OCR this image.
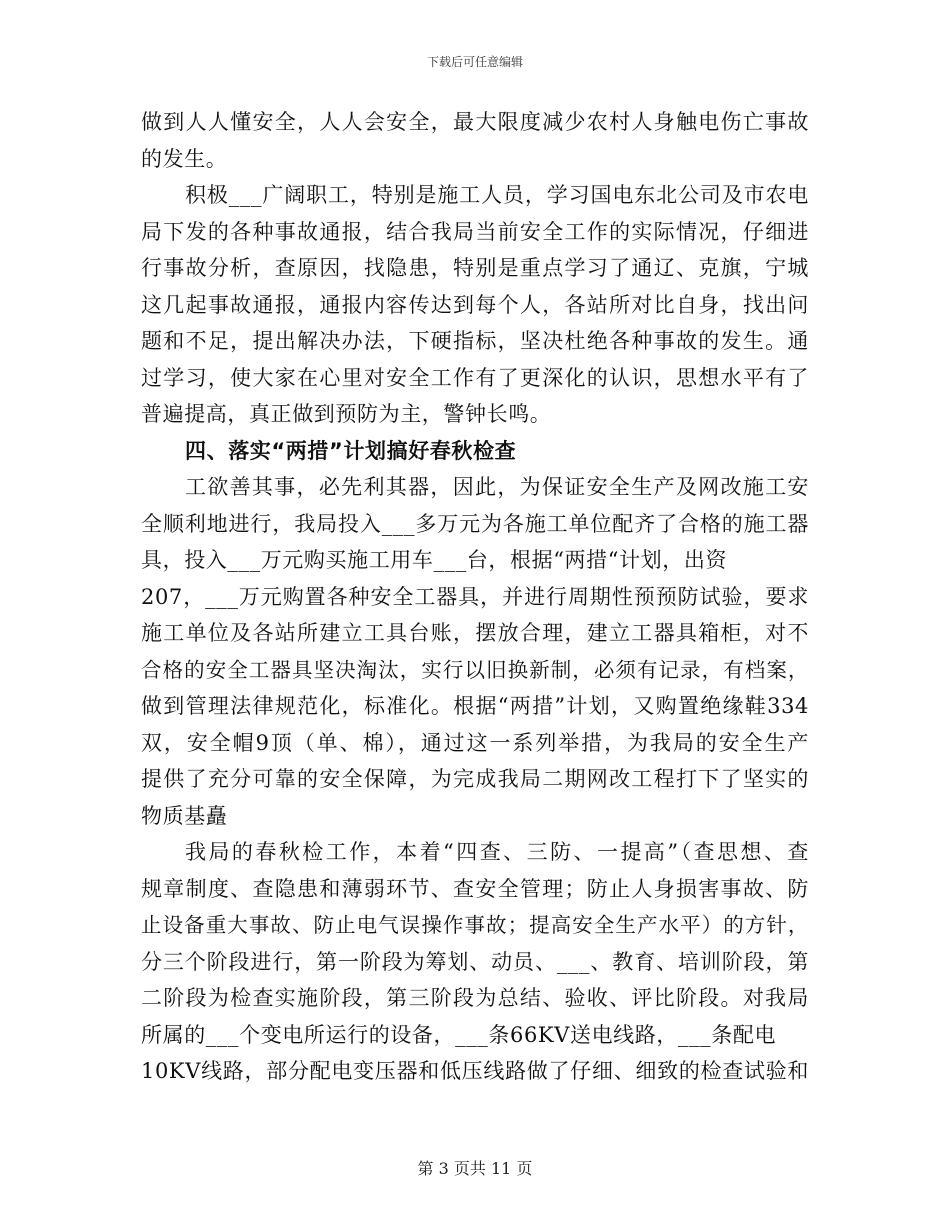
下载后可任意编辑
做到人人懂安全，人人会安全，最大限度减少农村人身触电伤亡事故
的发生。
积极___广阔职工，特别是施工人员，学习国电东北公司及市农电
局下发的各种事故通报，结合我局当前安全工作的实际情况，仔细进
行事故分析，查原因，找隐患，特别是重点学习了通辽、克旗，宁城
这几起事故通报，通报内容传达到每个人，各站所对比自身，找出问
题和不足，提出解决办法，下硬指标，坚决杜绝各种事故的发生。通
过学习，使大家在心里对安全工作有了更深化的认识，思想水平有了
普遍提高，真正做到预防为主，警钟长鸣。
四、落实“两措”计划搞好春秋检查
工欲善其事，必先利其器，因此，为保证安全生产及网改施工安
全顺利地进行，我局投入___多万元为各施工单位配齐了合格的施工器
具，投入___万元购买施工用车___台，根据“两措“计划，出资
207，___万元购置各种安全工器具，并进行周期性预预防试验，要求
施工单位及各站所建立工具台账，摆放合理，建立工器具箱柜，对不
合格的安全工器具坚决淘汰，实行以旧换新制，必须有记录，有档案，
做到管理法律规范化，标准化。根据“两措”计划，又购置绝缘鞋334
双，安全帽9顶（单、棉），通过这一系列举措，为我局的安全生产
提供了充分可靠的安全保障，为完成我局二期网改工程打下了坚实的
物质基矗
我局的春秋检工作，本着“四查、三防、一提高”（查思想、查
规章制度、查隐患和薄弱环节、查安全管理；防止人身损害事故、防
止设备重大事故、防止电气误操作事故；提高安全生产水平）的方针，
分三个阶段进行，第一阶段为筹划、动员、___、教育、培训阶段，第
二阶段为检查实施阶段，第三阶段为总结、验收、评比阶段。对我局
所属的___个变电所运行的设备，___条66KV送电线路，___条配电
10KV线路，部分配电变压器和低压线路做了仔细、细致的检查试验和
第 3 页共 11 页
